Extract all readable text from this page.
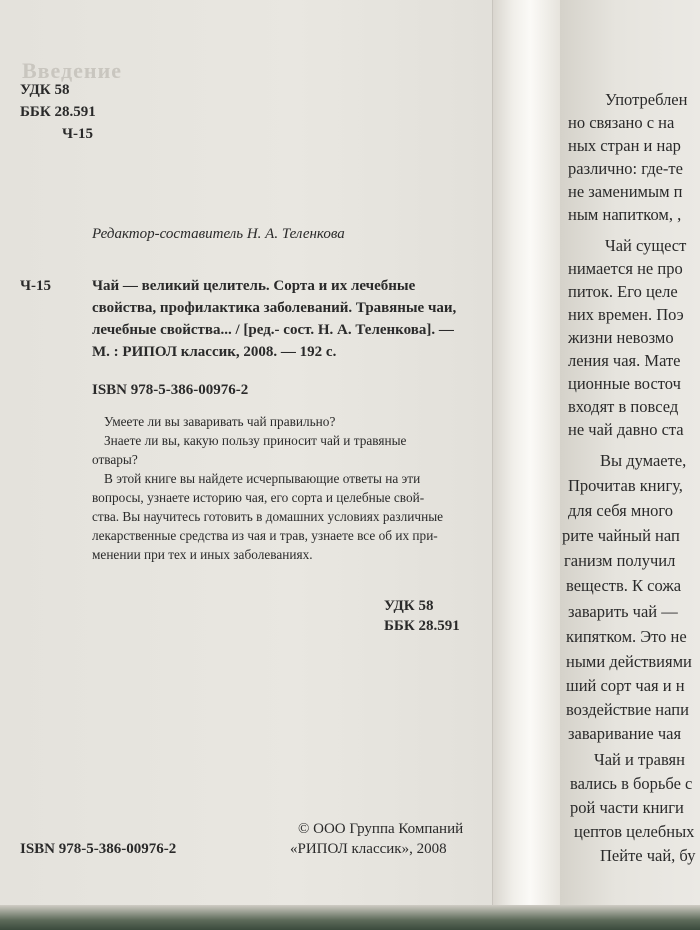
Введение
УДК 58
ББК 28.591
Ч-15
Редактор-составитель Н. А. Теленкова
Ч-15	Чай — великий целитель. Сорта и их лечебные
свойства, профилактика заболеваний. Травяные чаи,
лечебные свойства... / [ред.- сост. Н. А. Теленкова]. —
М. : РИПОЛ классик, 2008. — 192 с.
ISBN 978-5-386-00976-2
Умеете ли вы заваривать чай правильно?
Знаете ли вы, какую пользу приносит чай и травяные
отвары?
В этой книге вы найдете исчерпывающие ответы на эти
вопросы, узнаете историю чая, его сорта и целебные свой-
ства. Вы научитесь готовить в домашних условиях различные
лекарственные средства из чая и трав, узнаете все об их при-
менении при тех и иных заболеваниях.
УДК 58
ББК 28.591
© ООО Группа Компаний
ISBN 978-5-386-00976-2	«РИПОЛ классик», 2008
Употреблен
но связано с на
ных стран и нар
различно: где-те
не заменимым п
ным напитком, ,
Чай сущест
нимается не про
питок. Его целе
них времен. Поэ
жизни невозмо
ления чая. Мате
ционные восточ
входят в повсед
не чай давно ста
Вы думаете,
Прочитав книгу,
для себя много
рите чайный нап
ганизм получил
веществ. К сожа
заварить чай —
кипятком. Это не
ными действиями
ший сорт чая и н
воздействие напи
заваривание чая
Чай и травян
вались в борьбе с
рой части книги
цептов целебных
Пейте чай, бу
